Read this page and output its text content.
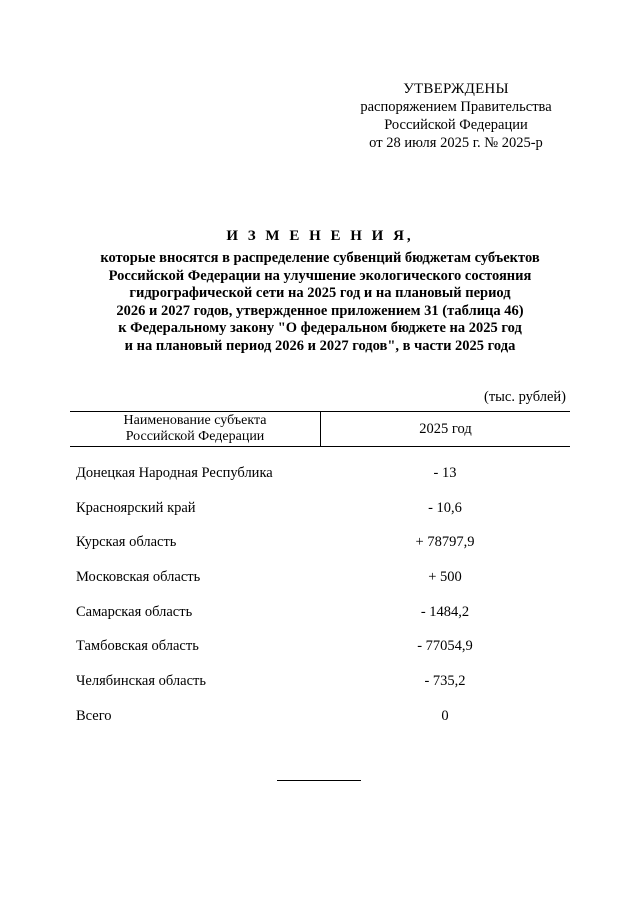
УТВЕРЖДЕНЫ
распоряжением Правительства
Российской Федерации
от 28 июля 2025 г. № 2025-р
И З М Е Н Е Н И Я,
которые вносятся в распределение субвенций бюджетам субъектов
Российской Федерации на улучшение экологического состояния
гидрографической сети на 2025 год и на плановый период
2026 и 2027 годов, утвержденное приложением 31 (таблица 46)
к Федеральному закону "О федеральном бюджете на 2025 год
и на плановый период 2026 и 2027 годов", в части 2025 года
(тыс. рублей)
Наименование субъекта
Российской Федерации	2025 год
Донецкая Народная Республика	- 13
Красноярский край	- 10,6
Курская область	+ 78797,9
Московская область	+ 500
Самарская область	- 1484,2
Тамбовская область	- 77054,9
Челябинская область	- 735,2
Всего	0
